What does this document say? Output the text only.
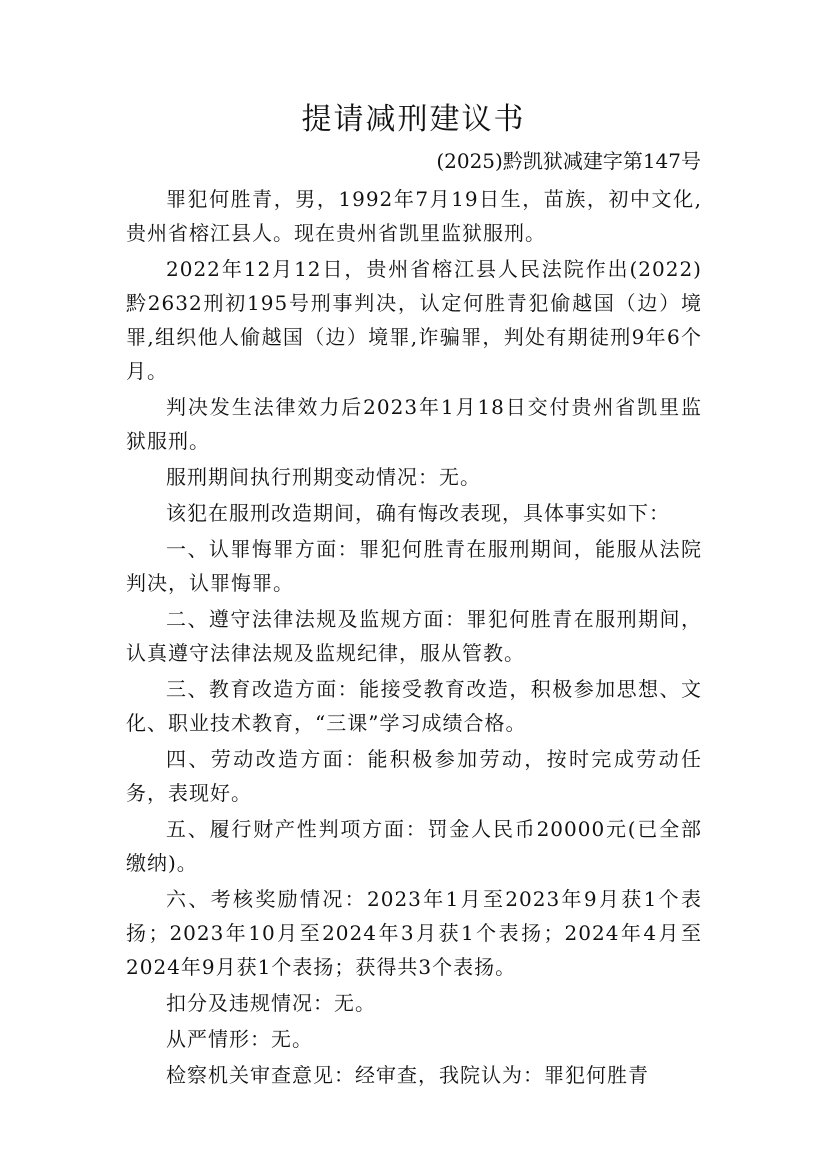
提请减刑建议书
(2025)黔凯狱减建字第147号

罪犯何胜青，男，1992年7月19日生，苗族，初中文化,贵州省榕江县人。现在贵州省凯里监狱服刑。

2022年12月12日，贵州省榕江县人民法院作出(2022)黔2632刑初195号刑事判决，认定何胜青犯偷越国（边）境罪,组织他人偷越国（边）境罪,诈骗罪，判处有期徒刑9年6个月。

判决发生法律效力后2023年1月18日交付贵州省凯里监狱服刑。

服刑期间执行刑期变动情况：无。

该犯在服刑改造期间，确有悔改表现，具体事实如下：

一、认罪悔罪方面：罪犯何胜青在服刑期间，能服从法院判决，认罪悔罪。

二、遵守法律法规及监规方面：罪犯何胜青在服刑期间，认真遵守法律法规及监规纪律，服从管教。

三、教育改造方面：能接受教育改造，积极参加思想、文化、职业技术教育，“三课”学习成绩合格。

四、劳动改造方面：能积极参加劳动，按时完成劳动任务，表现好。

五、履行财产性判项方面：罚金人民币20000元(已全部缴纳)。

六、考核奖励情况：2023年1月至2023年9月获1个表扬；2023年10月至2024年3月获1个表扬；2024年4月至2024年9月获1个表扬；获得共3个表扬。

扣分及违规情况：无。

从严情形：无。

检察机关审查意见：经审查，我院认为：罪犯何胜青
